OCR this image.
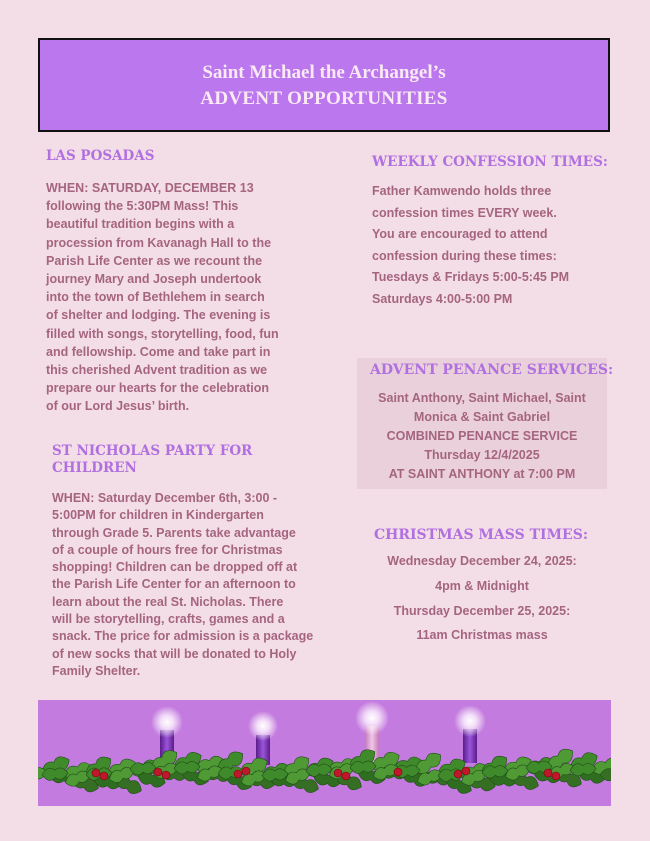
Saint Michael the Archangel’s
ADVENT OPPORTUNITIES
LAS POSADAS
WHEN: SATURDAY, DECEMBER 13
following the 5:30PM Mass! This
beautiful tradition begins with a
procession from Kavanagh Hall to the
Parish Life Center as we recount the
journey Mary and Joseph undertook
into the town of Bethlehem in search
of shelter and lodging. The evening is
filled with songs, storytelling, food, fun
and fellowship. Come and take part in
this cherished Advent tradition as we
prepare our hearts for the celebration
of our Lord Jesus’ birth.
ST NICHOLAS PARTY FOR
CHILDREN
WHEN: Saturday December 6th, 3:00 -
5:00PM for children in Kindergarten
through Grade 5. Parents take advantage
of a couple of hours free for Christmas
shopping! Children can be dropped off at
the Parish Life Center for an afternoon to
learn about the real St. Nicholas. There
will be storytelling, crafts, games and a
snack. The price for admission is a package
of new socks that will be donated to Holy
Family Shelter.
WEEKLY CONFESSION TIMES:
Father Kamwendo holds three
confession times EVERY week.
You are encouraged to attend
confession during these times:
Tuesdays & Fridays 5:00-5:45 PM
Saturdays 4:00-5:00 PM
ADVENT PENANCE SERVICES:
Saint Anthony, Saint Michael, Saint
Monica & Saint Gabriel
COMBINED PENANCE SERVICE
Thursday 12/4/2025
AT SAINT ANTHONY at 7:00 PM
CHRISTMAS MASS TIMES:
Wednesday December 24, 2025:
4pm & Midnight
Thursday December 25, 2025:
11am Christmas mass
